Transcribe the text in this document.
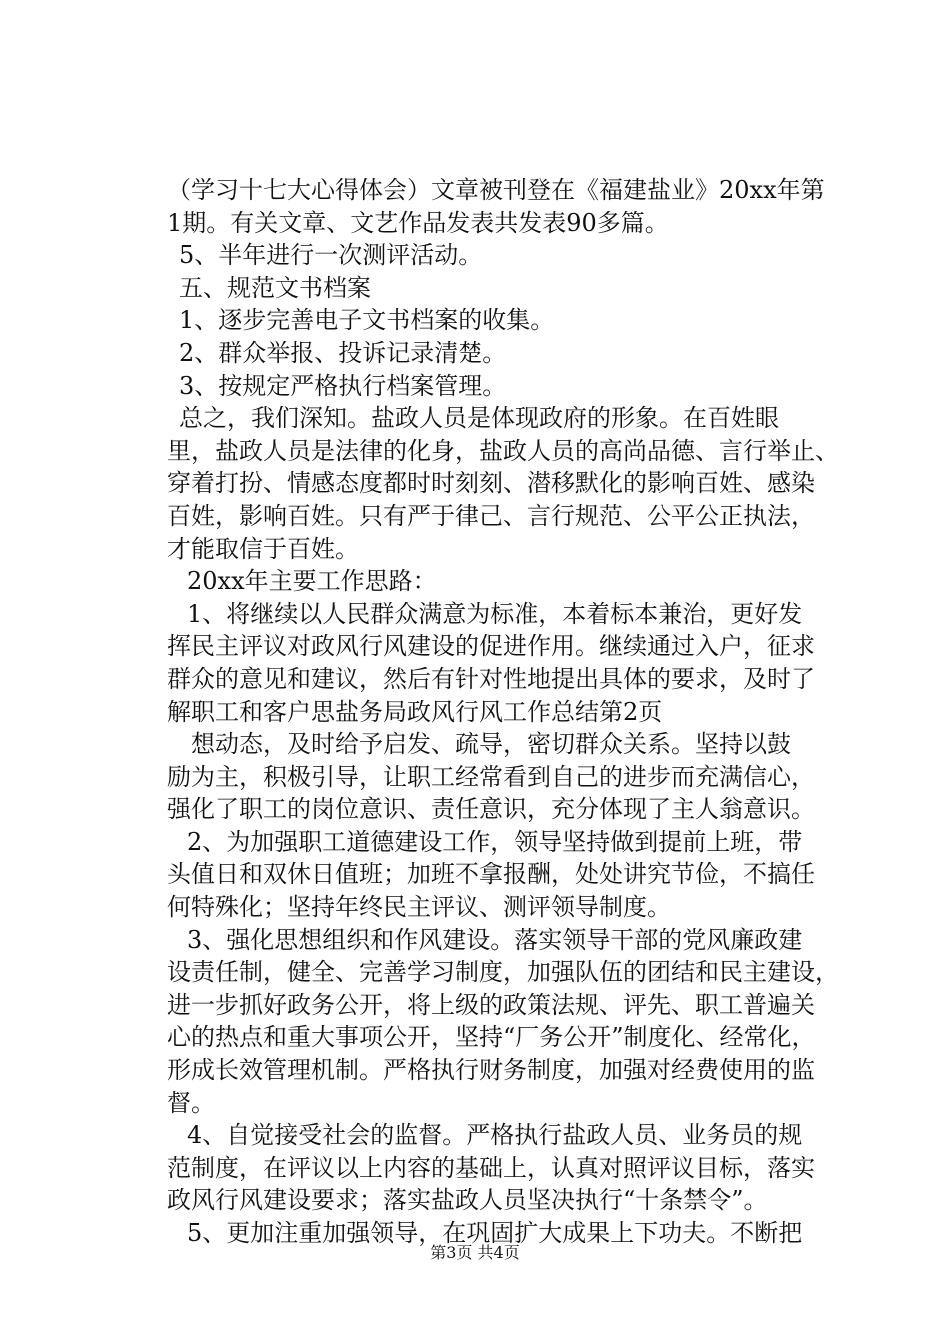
（学习十七大心得体会）文章被刊登在《福建盐业》20xx年第
1期。有关文章、文艺作品发表共发表90多篇。
5、半年进行一次测评活动。
五、规范文书档案
1、逐步完善电子文书档案的收集。
2、群众举报、投诉记录清楚。
3、按规定严格执行档案管理。
总之，我们深知。盐政人员是体现政府的形象。在百姓眼
里，盐政人员是法律的化身，盐政人员的高尚品德、言行举止、
穿着打扮、情感态度都时时刻刻、潜移默化的影响百姓、感染
百姓，影响百姓。只有严于律己、言行规范、公平公正执法，
才能取信于百姓。
20xx年主要工作思路：
1、将继续以人民群众满意为标准，本着标本兼治，更好发
挥民主评议对政风行风建设的促进作用。继续通过入户，征求
群众的意见和建议，然后有针对性地提出具体的要求，及时了
解职工和客户思盐务局政风行风工作总结第2页
想动态，及时给予启发、疏导，密切群众关系。坚持以鼓
励为主，积极引导，让职工经常看到自己的进步而充满信心，
强化了职工的岗位意识、责任意识，充分体现了主人翁意识。
2、为加强职工道德建设工作，领导坚持做到提前上班，带
头值日和双休日值班；加班不拿报酬，处处讲究节俭，不搞任
何特殊化；坚持年终民主评议、测评领导制度。
3、强化思想组织和作风建设。落实领导干部的党风廉政建
设责任制，健全、完善学习制度，加强队伍的团结和民主建设，
进一步抓好政务公开，将上级的政策法规、评先、职工普遍关
心的热点和重大事项公开，坚持“厂务公开”制度化、经常化，
形成长效管理机制。严格执行财务制度，加强对经费使用的监
督。
4、自觉接受社会的监督。严格执行盐政人员、业务员的规
范制度，在评议以上内容的基础上，认真对照评议目标，落实
政风行风建设要求；落实盐政人员坚决执行“十条禁令”。
5、更加注重加强领导，在巩固扩大成果上下功夫。不断把
第3页 共4页
